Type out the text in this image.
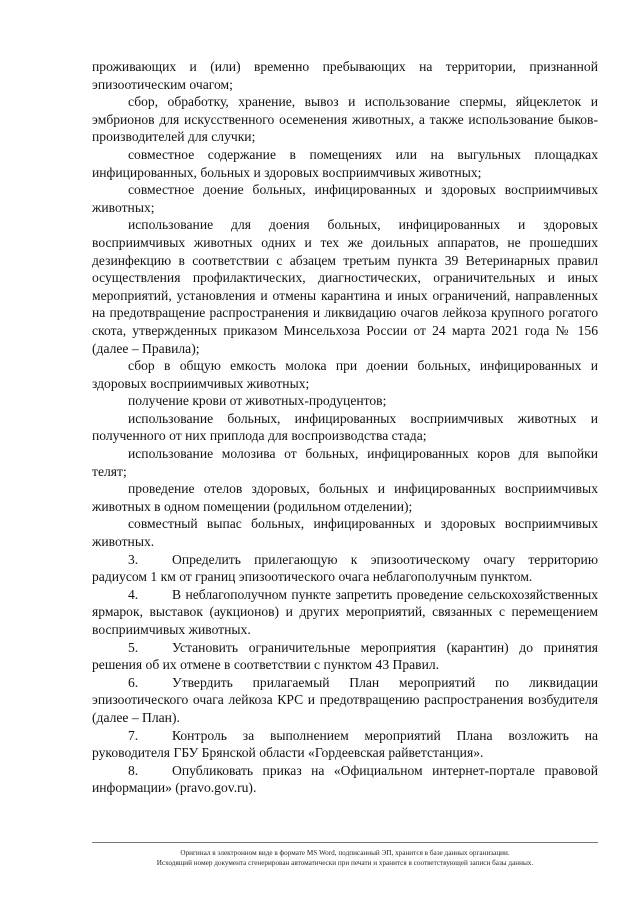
проживающих и (или) временно пребывающих на территории, признанной эпизоотическим очагом;

сбор, обработку, хранение, вывоз и использование спермы, яйцеклеток и эмбрионов для искусственного осеменения животных, а также использование быков-производителей для случки;

совместное содержание в помещениях или на выгульных площадках инфицированных, больных и здоровых восприимчивых животных;

совместное доение больных, инфицированных и здоровых восприимчивых животных;

использование для доения больных, инфицированных и здоровых восприимчивых животных одних и тех же доильных аппаратов, не прошедших дезинфекцию в соответствии с абзацем третьим пункта 39 Ветеринарных правил осуществления профилактических, диагностических, ограничительных и иных мероприятий, установления и отмены карантина и иных ограничений, направленных на предотвращение распространения и ликвидацию очагов лейкоза крупного рогатого скота, утвержденных приказом Минсельхоза России от 24 марта 2021 года № 156 (далее – Правила);

сбор в общую емкость молока при доении больных, инфицированных и здоровых восприимчивых животных;

получение крови от животных-продуцентов;

использование больных, инфицированных восприимчивых животных и полученного от них приплода для воспроизводства стада;

использование молозива от больных, инфицированных коров для выпойки телят;

проведение отелов здоровых, больных и инфицированных восприимчивых животных в одном помещении (родильном отделении);

совместный выпас больных, инфицированных и здоровых восприимчивых животных.

3. Определить прилегающую к эпизоотическому очагу территорию радиусом 1 км от границ эпизоотического очага неблагополучным пунктом.

4. В неблагополучном пункте запретить проведение сельскохозяйственных ярмарок, выставок (аукционов) и других мероприятий, связанных с перемещением восприимчивых животных.

5. Установить ограничительные мероприятия (карантин) до принятия решения об их отмене в соответствии с пунктом 43 Правил.

6. Утвердить прилагаемый План мероприятий по ликвидации эпизоотического очага лейкоза КРС и предотвращению распространения возбудителя (далее – План).

7. Контроль за выполнением мероприятий Плана возложить на руководителя ГБУ Брянской области «Гордеевская райветстанция».

8. Опубликовать приказ на «Официальном интернет-портале правовой информации» (pravo.gov.ru).

Оригинал в электронном виде в формате MS Word, подписанный ЭП, хранится в базе данных организации.
Исходящий номер документа сгенерирован автоматически при печати и хранится в соответствующей записи базы данных.
